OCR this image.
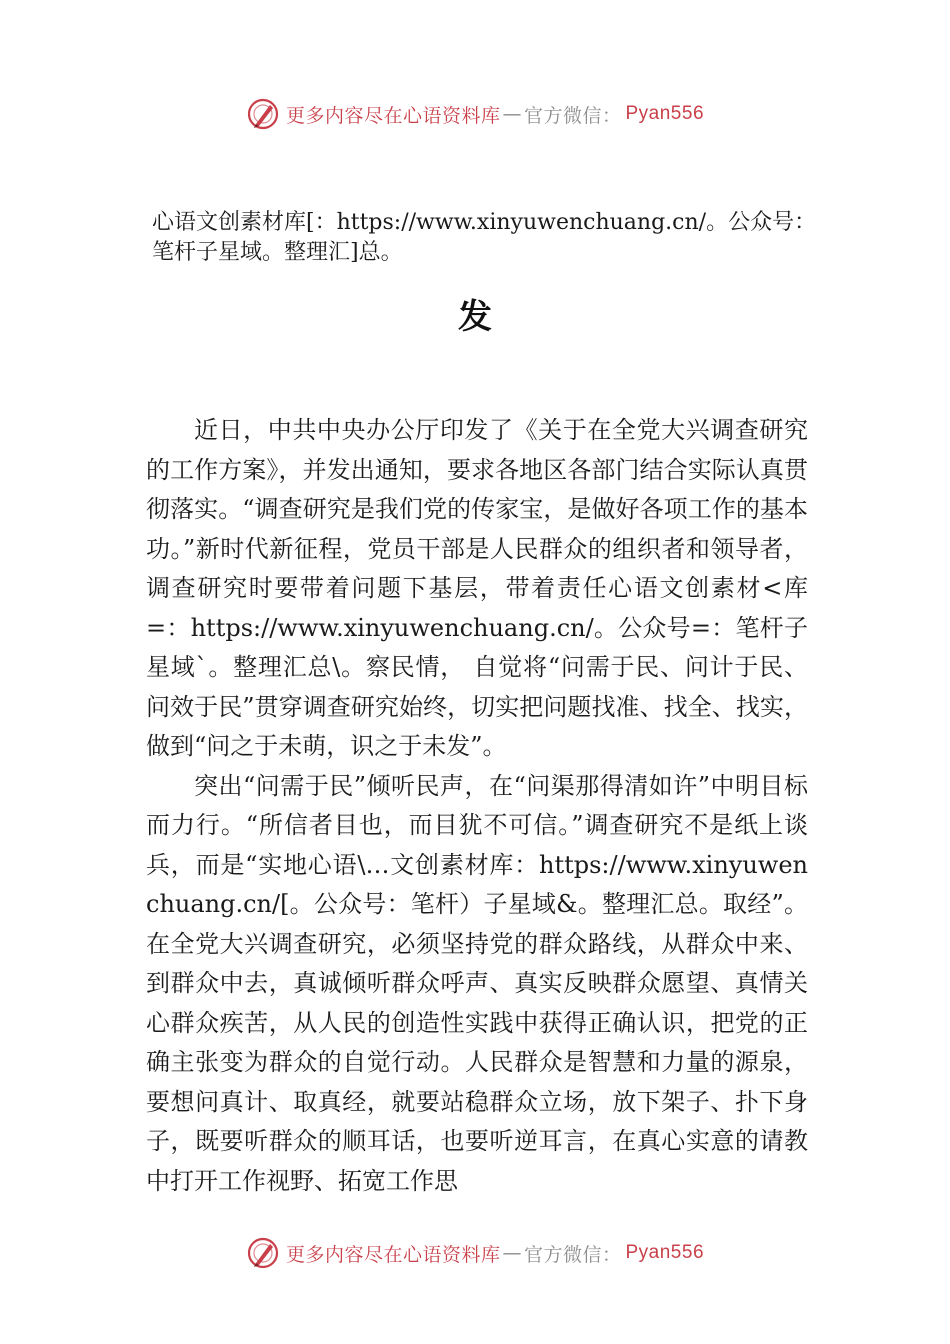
更多内容尽在心语资料库 — 官方微信： Pyan556
心语文创素材库[：https://www.xinyuwenchuang.cn/。公众号：笔杆子星域。整理汇]总。
发

近日，中共中央办公厅印发了《关于在全党大兴调查研究的工作方案》，并发出通知，要求各地区各部门结合实际认真贯彻落实。“调查研究是我们党的传家宝，是做好各项工作的基本功。”新时代新征程，党员干部是人民群众的组织者和领导者，调查研究时要带着问题下基层，带着责任心语文创素材<库=：https://www.xinyuwenchuang.cn/。公众号=：笔杆子星域`。整理汇总\。察民情， 自觉将“问需于民、问计于民、问效于民”贯穿调查研究始终，切实把问题找准、找全、找实，做到“问之于未萌，识之于未发”。

突出“问需于民”倾听民声，在“问渠那得清如许”中明目标而力行。“所信者目也，而目犹不可信。”调查研究不是纸上谈兵，而是“实地心语\…文创素材库：https://www.xinyuwenchuang.cn/[。公众号：笔杆）子星域&。整理汇总。取经”。在全党大兴调查研究，必须坚持党的群众路线，从群众中来、到群众中去，真诚倾听群众呼声、真实反映群众愿望、真情关心群众疾苦，从人民的创造性实践中获得正确认识，把党的正确主张变为群众的自觉行动。人民群众是智慧和力量的源泉，要想问真计、取真经，就要站稳群众立场，放下架子、扑下身子，既要听群众的顺耳话，也要听逆耳言，在真心实意的请教中打开工作视野、拓宽工作思

更多内容尽在心语资料库 — 官方微信： Pyan556
